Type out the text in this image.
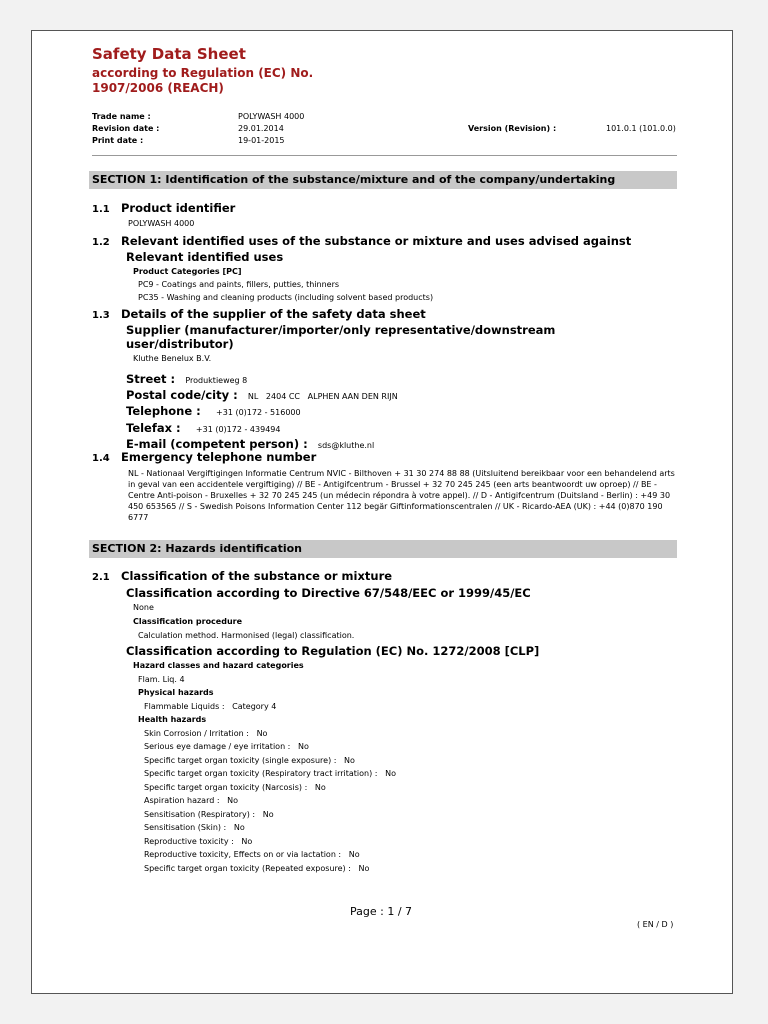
Safety Data Sheet
according to Regulation (EC) No. 1907/2006 (REACH)
Trade name :	POLYWASH 4000
Revision date :	29.01.2014	Version (Revision) :	101.0.1 (101.0.0)
Print date :	19-01-2015
SECTION 1: Identification of the substance/mixture and of the company/undertaking
1.1 Product identifier
POLYWASH 4000
1.2 Relevant identified uses of the substance or mixture and uses advised against
Relevant identified uses
Product Categories [PC]
PC9 - Coatings and paints, fillers, putties, thinners
PC35 - Washing and cleaning products (including solvent based products)
1.3 Details of the supplier of the safety data sheet
Supplier (manufacturer/importer/only representative/downstream user/distributor)
Kluthe Benelux B.V.
Street : Produktieweg 8
Postal code/city : NL   2404 CC   ALPHEN AAN DEN RIJN
Telephone : +31 (0)172 - 516000
Telefax : +31 (0)172 - 439494
E-mail (competent person) : sds@kluthe.nl
1.4 Emergency telephone number
NL - Nationaal Vergiftigingen Informatie Centrum NVIC - Bilthoven + 31 30 274 88 88 (Uitsluitend bereikbaar voor een behandelend arts in geval van een accidentele vergiftiging) // BE - Antigifcentrum - Brussel + 32 70 245 245 (een arts beantwoordt uw oproep) // BE - Centre Anti-poison - Bruxelles + 32 70 245 245 (un médecin répondra à votre appel). // D - Antigifcentrum (Duitsland - Berlin) : +49 30 450 653565 // S - Swedish Poisons Information Center 112 begär Giftinformationscentralen // UK - Ricardo-AEA (UK) : +44 (0)870 190 6777
SECTION 2: Hazards identification
2.1 Classification of the substance or mixture
Classification according to Directive 67/548/EEC or 1999/45/EC
None
Classification procedure
Calculation method. Harmonised (legal) classification.
Classification according to Regulation (EC) No. 1272/2008 [CLP]
Hazard classes and hazard categories
Flam. Liq. 4
Physical hazards
Flammable Liquids :   Category 4
Health hazards
Skin Corrosion / Irritation :   No
Serious eye damage / eye irritation :   No
Specific target organ toxicity (single exposure) :   No
Specific target organ toxicity (Respiratory tract irritation) :   No
Specific target organ toxicity (Narcosis) :   No
Aspiration hazard :   No
Sensitisation (Respiratory) :   No
Sensitisation (Skin) :   No
Reproductive toxicity :   No
Reproductive toxicity, Effects on or via lactation :   No
Specific target organ toxicity (Repeated exposure) :   No
Page : 1 / 7
( EN / D )
